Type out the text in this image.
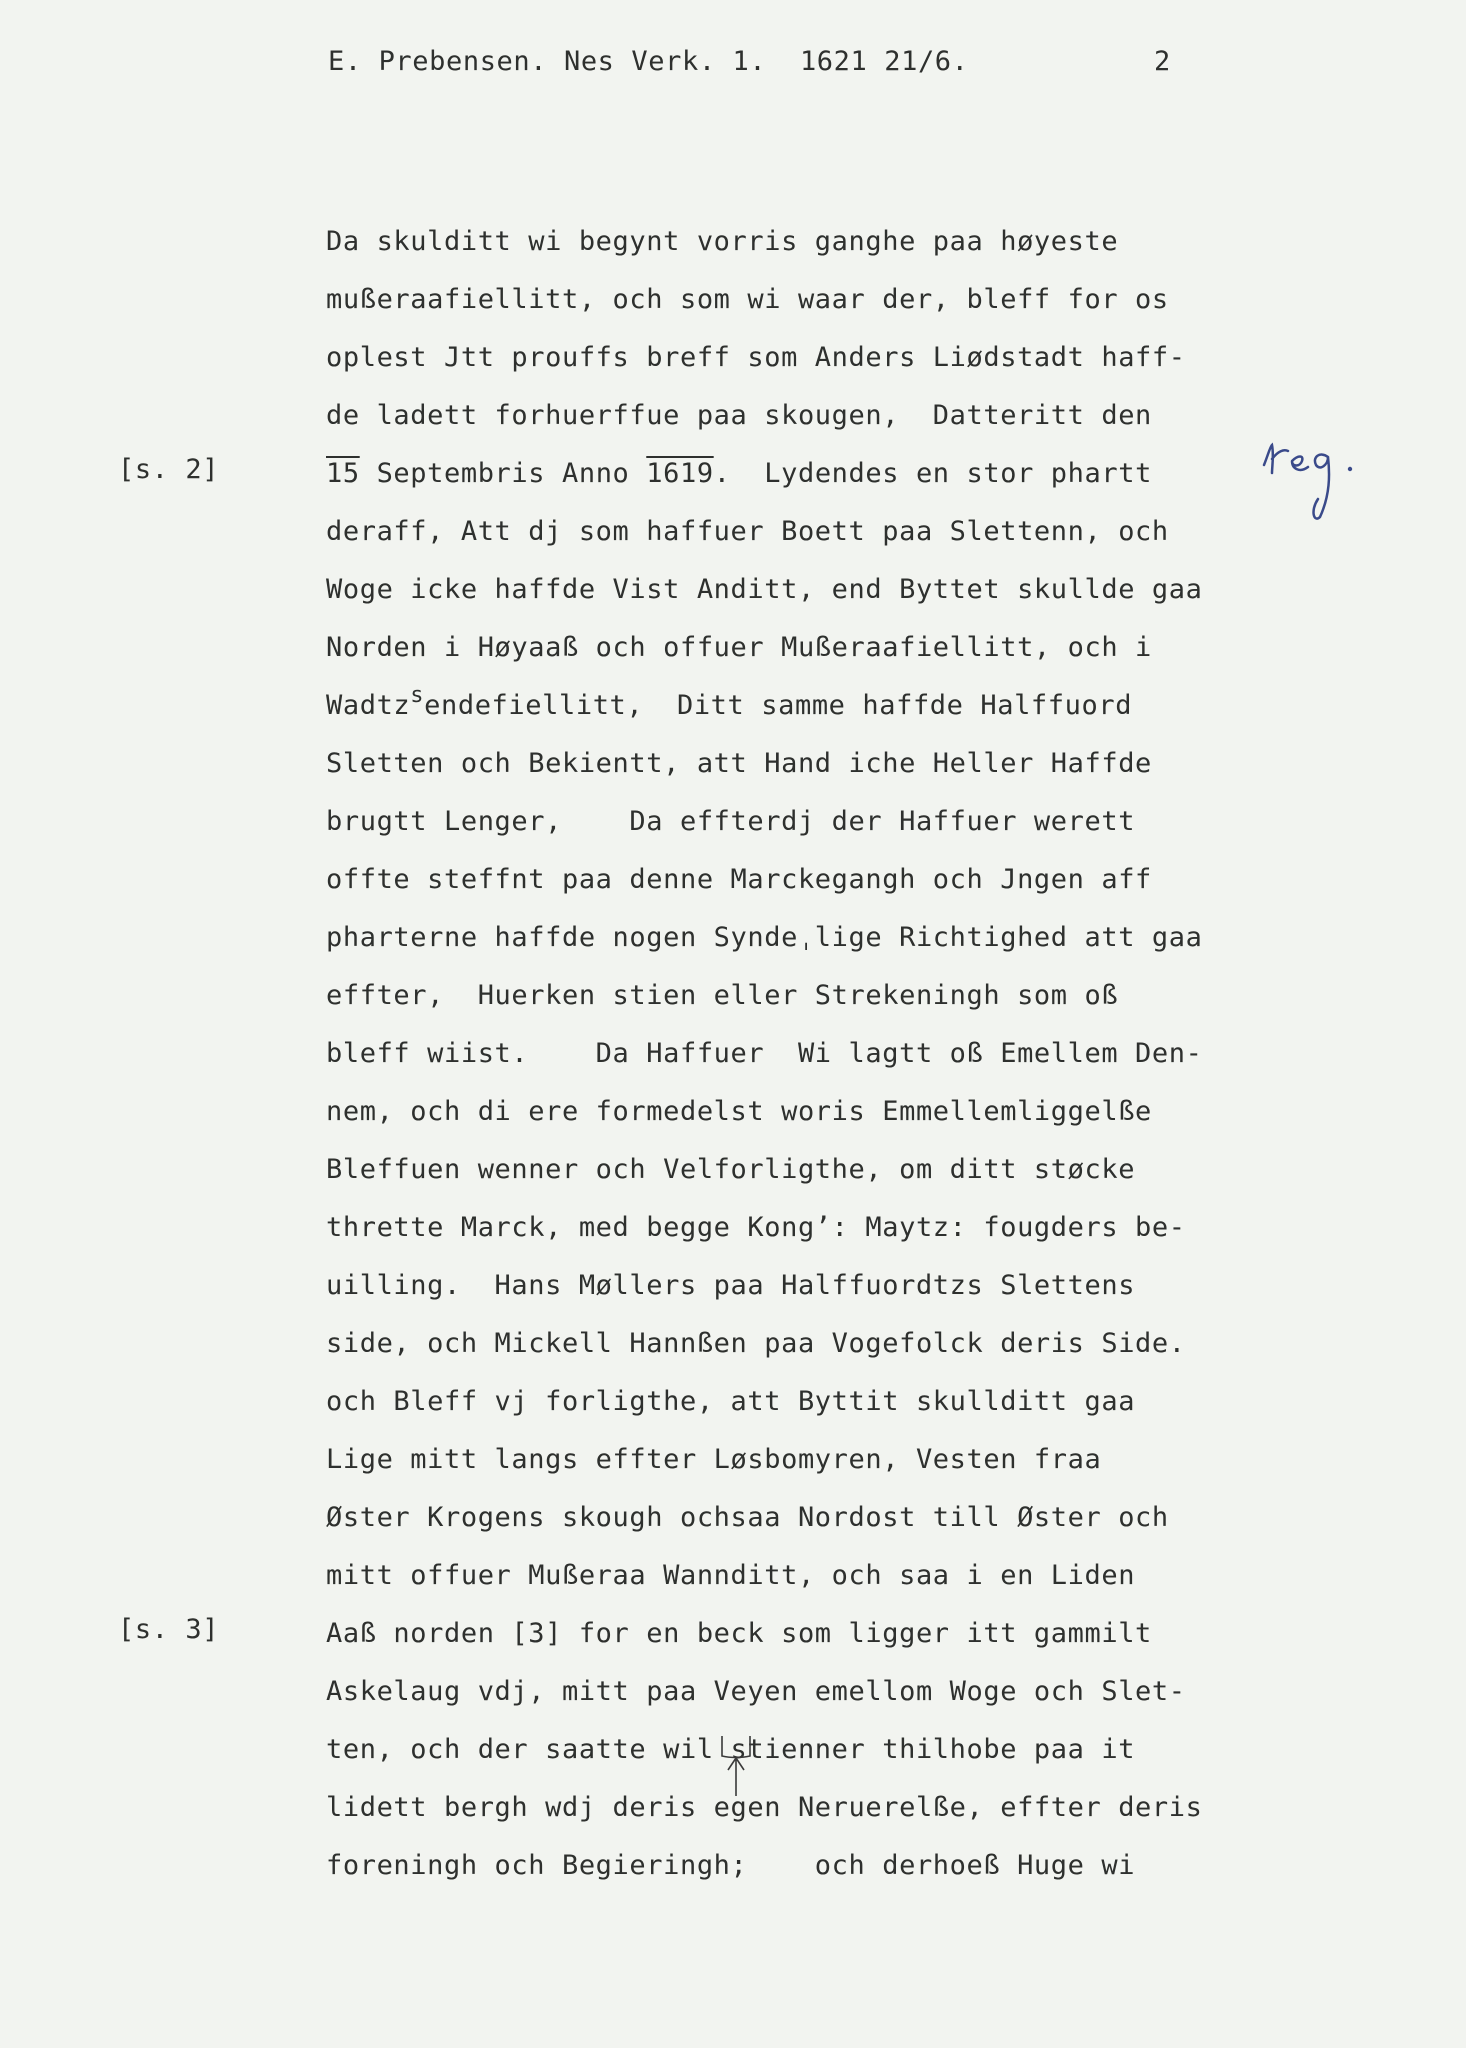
E. Prebensen. Nes Verk. 1.  1621 21/6.	2
[s. 2]
[s. 3]
Da skulditt wi begynt vorris ganghe paa høyeste
mußeraafiellitt, och som wi waar der, bleff for os
oplest Jtt prouffs breff som Anders Liødstadt haff-
de ladett forhuerffue paa skougen,  Datteritt den
15 Septembris Anno 1619.  Lydendes en stor phartt
deraff, Att dj som haffuer Boett paa Slettenn, och
Woge icke haffde Vist Anditt, end Byttet skullde gaa
Norden i Høyaaß och offuer Mußeraafiellitt, och i
Wadtz$^s$endefiellitt,  Ditt samme haffde Halffuord
Sletten och Bekientt, att Hand iche Heller Haffde
brugtt Lenger,    Da effterdj der Haffuer werett
offte steffnt paa denne Marckegangh och Jngen aff
pharterne haffde nogen Syndeˌlige Richtighed att gaa
effter,  Huerken stien eller Strekeningh som oß
bleff wiist.    Da Haffuer  Wi lagtt oß Emellem Den-
nem, och di ere formedelst woris Emmellemliggelße
Bleffuen wenner och Velforligthe, om ditt støcke
thrette Marck, med begge Kong’: Maytz: fougders be-
uilling.  Hans Møllers paa Halffuordtzs Slettens
side, och Mickell Hannßen paa Vogefolck deris Side.
och Bleff vj forligthe, att Byttit skullditt gaa
Lige mitt langs effter Løsbomyren, Vesten fraa
Øster Krogens skough ochsaa Nordost till Øster och
mitt offuer Mußeraa Wannditt, och saa i en Liden
Aaß norden [3] for en beck som ligger itt gammilt
Askelaug vdj, mitt paa Veyen emellom Woge och Slet-
ten, och der saatte wil stienner thilhobe paa it
lidett bergh wdj deris egen Neruerelße, effter deris
foreningh och Begieringh;    och derhoeß Huge wi
